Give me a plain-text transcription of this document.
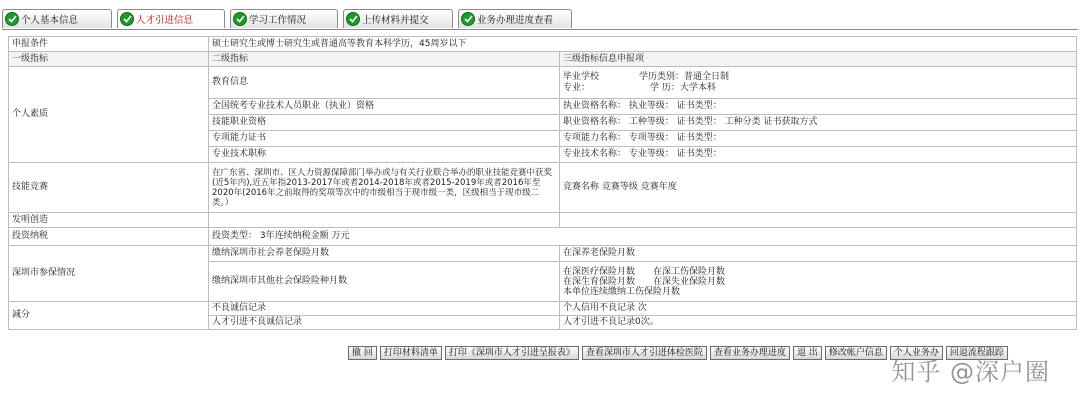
个人基本信息	人才引进信息	学习工作情况	上传材料并提交	业务办理进度查看
申报条件	硕士研究生或博士研究生或普通高等教育本科学历，45周岁以下	
一级指标	二级指标	三级指标信息申报项
个人素质	教育信息	毕业学校 学历类别：普通全日制
专业： 学 历：大学本科

	全国统考专业技术人员职业（执业）资格	执业资格名称： 执业等级： 证书类型：
	技能职业资格	职业资格名称： 工种等级： 证书类型： 工种分类 证书获取方式
	专项能力证书	专项能力名称： 专项等级： 证书类型：
	专业技术职称	专业技术名称： 专业等级： 证书类型：
技能竞赛	在广东省、深圳市、区人力资源保障部门举办或与有关行业联合举办的职业技能竞赛中获奖(近5年内),近五年指2013-2017年或者2014-2018年或者2015-2019年或者2016年至2020年(2016年之前取得的奖项等次中的市级相当于现市级一类，区级相当于现市级二类。）	竞赛名称 竞赛等级 竞赛年度
发明创造		
投资纳税	投资类型： 3年连续纳税金额 万元	
深圳市参保情况	缴纳深圳市社会养老保险月数	在深养老保险月数
	缴纳深圳市其他社会保险险种月数	在深医疗保险月数 在深工伤保险月数
在深生育保险月数 在深失业保险月数
本单位连续缴纳工伤保险月数

减分	不良诚信记录	个人信用不良记录 次
	人才引进不良诚信记录	人才引进不良记录0次。
撤 回	打印材料清单	打印《深圳市人才引进呈报表》	查看深圳市人才引进体检医院	查看业务办理进度	退 出	修改帐户信息	个人业务办	回退流程跟踪
知乎 @深户圈
